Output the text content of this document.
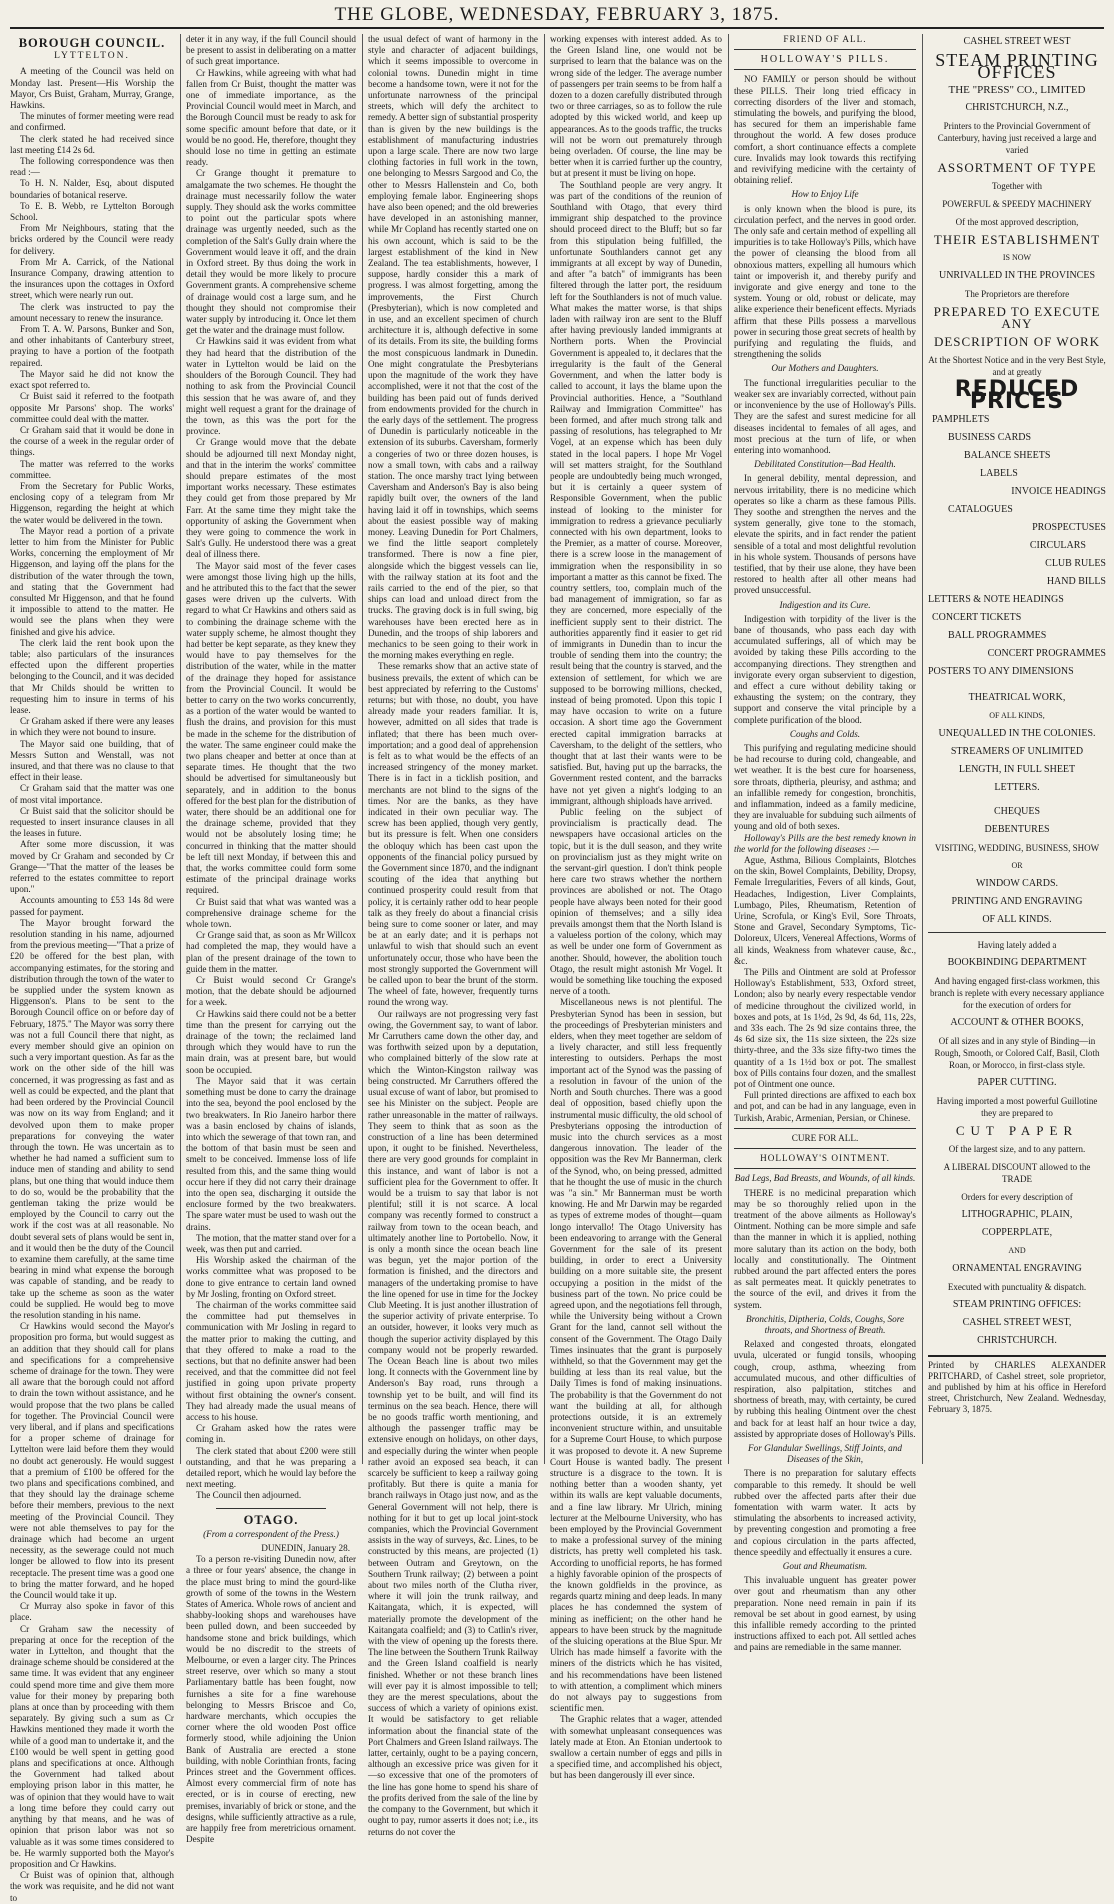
THE GLOBE, WEDNESDAY, FEBRUARY 3, 1875.
BOROUGH COUNCIL.
LYTTELTON.

A meeting of the Council was held on Monday last. Present—His Worship the Mayor, Crs Buist, Graham, Murray, Grange, Hawkins.

The minutes of former meeting were read and confirmed.

The clerk stated he had received since last meeting £14 2s 6d.

The following correspondence was then read :—

To H. N. Nalder, Esq, about disputed boundaries of botanical reserve.

To E. B. Webb, re Lyttelton Borough School.

From Mr Neighbours, stating that the bricks ordered by the Council were ready for delivery.

From Mr A. Carrick, of the National Insurance Company, drawing attention to the insurances upon the cottages in Oxford street, which were nearly run out.

The clerk was instructed to pay the amount necessary to renew the insurance.

From T. A. W. Parsons, Bunker and Son, and other inhabitants of Canterbury street, praying to have a portion of the footpath repaired.

The Mayor said he did not know the exact spot referred to.

Cr Buist said it referred to the footpath opposite Mr Parsons' shop. The works' committee could deal with the matter.

Cr Graham said that it would be done in the course of a week in the regular order of things.

The matter was referred to the works committee.

From the Secretary for Public Works, enclosing copy of a telegram from Mr Higgenson, regarding the height at which the water would be delivered in the town.

The Mayor read a portion of a private letter to him from the Minister for Public Works, concerning the employment of Mr Higgenson, and laying off the plans for the distribution of the water through the town, and stating that the Government had consulted Mr Higgenson, and that he found it impossible to attend to the matter. He would see the plans when they were finished and give his advice.

The clerk laid the rent book upon the table; also particulars of the insurances effected upon the different properties belonging to the Council, and it was decided that Mr Childs should be written to requesting him to insure in terms of his lease.

Cr Graham asked if there were any leases in which they were not bound to insure.

The Mayor said one building, that of Messrs Sutton and Wenstall, was not insured, and that there was no clause to that effect in their lease.

Cr Graham said that the matter was one of most vital importance.

Cr Buist said that the solicitor should be requested to insert insurance clauses in all the leases in future.

After some more discussion, it was moved by Cr Graham and seconded by Cr Grange—"That the matter of the leases be referred to the estates committee to report upon."

Accounts amounting to £53 14s 8d were passed for payment.

The Mayor brought forward the resolution standing in his name, adjourned from the previous meeting—"That a prize of £20 be offered for the best plan, with accompanying estimates, for the storing and distribution through the town of the water to be supplied under the system known as Higgenson's. Plans to be sent to the Borough Council office on or before day of February, 1875." The Mayor was sorry there was not a full Council there that night, as every member should give an opinion on such a very important question. As far as the work on the other side of the hill was concerned, it was progressing as fast and as well as could be expected, and the plant that had been ordered by the Provincial Council was now on its way from England; and it devolved upon them to make proper preparations for conveying the water through the town. He was uncertain as to whether he had named a sufficient sum to induce men of standing and ability to send plans, but one thing that would induce them to do so, would be the probability that the gentleman taking the prize would be employed by the Council to carry out the work if the cost was at all reasonable. No doubt several sets of plans would be sent in, and it would then be the duty of the Council to examine them carefully, at the same time bearing in mind what expense the borough was capable of standing, and be ready to take up the scheme as soon as the water could be supplied. He would beg to move the resolution standing in his name.

Cr Hawkins would second the Mayor's proposition pro forma, but would suggest as an addition that they should call for plans and specifications for a comprehensive scheme of drainage for the town. They were all aware that the borough could not afford to drain the town without assistance, and he would propose that the two plans be called for together. The Provincial Council were very liberal, and if plans and specifications for a proper scheme of drainage for Lyttelton were laid before them they would no doubt act generously. He would suggest that a premium of £100 be offered for the two plans and specifications combined, and that they should lay the drainage scheme before their members, previous to the next meeting of the Provincial Council. They were not able themselves to pay for the drainage which had become an urgent necessity, as the sewerage could not much longer be allowed to flow into its present receptacle. The present time was a good one to bring the matter forward, and he hoped the Council would take it up.

Cr Murray also spoke in favor of this place.

Cr Graham saw the necessity of preparing at once for the reception of the water in Lyttelton, and thought that the drainage scheme should be considered at the same time. It was evident that any engineer could spend more time and give them more value for their money by preparing both plans at once than by proceeding with them separately. By giving such a sum as Cr Hawkins mentioned they made it worth the while of a good man to undertake it, and the £100 would be well spent in getting good plans and specifications at once. Although the Government had talked about employing prison labor in this matter, he was of opinion that they would have to wait a long time before they could carry out anything by that means, and he was of opinion that prison labor was not so valuable as it was some times considered to be. He warmly supported both the Mayor's proposition and Cr Hawkins.

Cr Buist was of opinion that, although the work was requisite, and he did not want to

deter it in any way, if the full Council should be present to assist in deliberating on a matter of such great importance.

Cr Hawkins, while agreeing with what had fallen from Cr Buist, thought the matter was one of immediate importance, as the Provincial Council would meet in March, and the Borough Council must be ready to ask for some specific amount before that date, or it would be no good. He, therefore, thought they should lose no time in getting an estimate ready.

Cr Grange thought it premature to amalgamate the two schemes. He thought the drainage must necessarily follow the water supply. They should ask the works committee to point out the particular spots where drainage was urgently needed, such as the completion of the Salt's Gully drain where the Government would leave it off, and the drain in Oxford street. By thus doing the work in detail they would be more likely to procure Government grants. A comprehensive scheme of drainage would cost a large sum, and he thought they should not compromise their water supply by introducing it. Once let them get the water and the drainage must follow.

Cr Hawkins said it was evident from what they had heard that the distribution of the water in Lyttelton would be laid on the shoulders of the Borough Council. They had nothing to ask from the Provincial Council this session that he was aware of, and they might well request a grant for the drainage of the town, as this was the port for the province.

Cr Grange would move that the debate should be adjourned till next Monday night, and that in the interim the works' committee should prepare estimates of the most important works necessary. These estimates they could get from those prepared by Mr Farr. At the same time they might take the opportunity of asking the Government when they were going to commence the work in Salt's Gully. He understood there was a great deal of illness there.

The Mayor said most of the fever cases were amongst those living high up the hills, and he attributed this to the fact that the sewer gases were driven up the culverts. With regard to what Cr Hawkins and others said as to combining the drainage scheme with the water supply scheme, he almost thought they had better be kept separate, as they knew they would have to pay themselves for the distribution of the water, while in the matter of the drainage they hoped for assistance from the Provincial Council. It would be better to carry on the two works concurrently, as a portion of the water would be wanted to flush the drains, and provision for this must be made in the scheme for the distribution of the water. The same engineer could make the two plans cheaper and better at once than at separate times. He thought that the two should be advertised for simultaneously but separately, and in addition to the bonus offered for the best plan for the distribution of water, there should be an additional one for the drainage scheme, provided that they would not be absolutely losing time; he concurred in thinking that the matter should be left till next Monday, if between this and that, the works committee could form some estimate of the principal drainage works required.

Cr Buist said that what was wanted was a comprehensive drainage scheme for the whole town.

Cr Grange said that, as soon as Mr Willcox had completed the map, they would have a plan of the present drainage of the town to guide them in the matter.

Cr Buist would second Cr Grange's motion, that the debate should be adjourned for a week.

Cr Hawkins said there could not be a better time than the present for carrying out the drainage of the town; the reclaimed land through which they would have to run the main drain, was at present bare, but would soon be occupied.

The Mayor said that it was certain something must be done to carry the drainage into the sea, beyond the pool enclosed by the two breakwaters. In Rio Janeiro harbor there was a basin enclosed by chains of islands, into which the sewerage of that town ran, and the bottom of that basin must be seen and smelt to be conceived. Immense loss of life resulted from this, and the same thing would occur here if they did not carry their drainage into the open sea, discharging it outside the enclosure formed by the two breakwaters. The spare water must be used to wash out the drains.

The motion, that the matter stand over for a week, was then put and carried.

His Worship asked the chairman of the works committee what was proposed to be done to give entrance to certain land owned by Mr Josling, fronting on Oxford street.

The chairman of the works committee said the committee had put themselves in communication with Mr Josling in regard to the matter prior to making the cutting, and that they offered to make a road to the sections, but that no definite answer had been received, and that the committee did not feel justified in going upon private property without first obtaining the owner's consent. They had already made the usual means of access to his house.

Cr Graham asked how the rates were coming in.

The clerk stated that about £200 were still outstanding, and that he was preparing a detailed report, which he would lay before the next meeting.

The Council then adjourned.

OTAGO.
(From a correspondent of the Press.)
DUNEDIN, January 28.

To a person re-visiting Dunedin now, after a three or four years' absence, the change in the place must bring to mind the gourd-like growth of some of the towns in the Western States of America. Whole rows of ancient and shabby-looking shops and warehouses have been pulled down, and been succeeded by handsome stone and brick buildings, which would be no discredit to the streets of Melbourne, or even a larger city. The Princes street reserve, over which so many a stout Parliamentary battle has been fought, now furnishes a site for a fine warehouse belonging to Messrs Briscoe and Co, hardware merchants, which occupies the corner where the old wooden Post office formerly stood, while adjoining the Union Bank of Australia are erected a stone building, with noble Corinthian fronts, facing Princes street and the Government offices. Almost every commercial firm of note has erected, or is in course of erecting, new premises, invariably of brick or stone, and the designs, while sufficiently attractive as a rule, are happily free from meretricious ornament. Despite

the usual defect of want of harmony in the style and character of adjacent buildings, which it seems impossible to overcome in colonial towns. Dunedin might in time become a handsome town, were it not for the unfortunate narrowness of the principal streets, which will defy the architect to remedy. A better sign of substantial prosperity than is given by the new buildings is the establishment of manufacturing industries upon a large scale. There are now two large clothing factories in full work in the town, one belonging to Messrs Sargood and Co, the other to Messrs Hallenstein and Co, both employing female labor. Engineering shops have also been opened; and the old breweries have developed in an astonishing manner, while Mr Copland has recently started one on his own account, which is said to be the largest establishment of the kind in New Zealand. The tea establishments, however, I suppose, hardly consider this a mark of progress. I was almost forgetting, among the improvements, the First Church (Presbyterian), which is now completed and in use, and an excellent specimen of church architecture it is, although defective in some of its details. From its site, the building forms the most conspicuous landmark in Dunedin. One might congratulate the Presbyterians upon the magnitude of the work they have accomplished, were it not that the cost of the building has been paid out of funds derived from endowments provided for the church in the early days of the settlement. The progress of Dunedin is particularly noticeable in the extension of its suburbs. Caversham, formerly a congeries of two or three dozen houses, is now a small town, with cabs and a railway station. The once marshy tract lying between Caversham and Anderson's Bay is also being rapidly built over, the owners of the land having laid it off in townships, which seems about the easiest possible way of making money. Leaving Dunedin for Port Chalmers, we find the little seaport completely transformed. There is now a fine pier, alongside which the biggest vessels can lie, with the railway station at its foot and the rails carried to the end of the pier, so that ships can load and unload direct from the trucks. The graving dock is in full swing, big warehouses have been erected here as in Dunedin, and the troops of ship laborers and mechanics to be seen going to their work in the morning makes everything en regle.

These remarks show that an active state of business prevails, the extent of which can be best appreciated by referring to the Customs' returns; but with those, no doubt, you have already made your readers familiar. It is, however, admitted on all sides that trade is inflated; that there has been much over-importation; and a good deal of apprehension is felt as to what would be the effects of an increased stringency of the money market. There is in fact in a ticklish position, and merchants are not blind to the signs of the times. Nor are the banks, as they have indicated in their own peculiar way. The screw has been applied, though very gently, but its pressure is felt. When one considers the obloquy which has been cast upon the opponents of the financial policy pursued by the Government since 1870, and the indignant scouting of the idea that anything but continued prosperity could result from that policy, it is certainly rather odd to hear people talk as they freely do about a financial crisis being sure to come sooner or later, and may be at an early date; and it is perhaps not unlawful to wish that should such an event unfortunately occur, those who have been the most strongly supported the Government will be called upon to bear the brunt of the storm. The wheel of fate, however, frequently turns round the wrong way.

Our railways are not progressing very fast owing, the Government say, to want of labor. Mr Carruthers came down the other day, and was forthwith seized upon by a deputation, who complained bitterly of the slow rate at which the Winton-Kingston railway was being constructed. Mr Carruthers offered the usual excuse of want of labor, but promised to see his Minister on the subject. People are rather unreasonable in the matter of railways. They seem to think that as soon as the construction of a line has been determined upon, it ought to be finished. Nevertheless, there are very good grounds for complaint in this instance, and want of labor is not a sufficient plea for the Government to offer. It would be a truism to say that labor is not plentiful; still it is not scarce. A local company was recently formed to construct a railway from town to the ocean beach, and ultimately another line to Portobello. Now, it is only a month since the ocean beach line was begun, yet the major portion of the formation is finished, and the directors and managers of the undertaking promise to have the line opened for use in time for the Jockey Club Meeting. It is just another illustration of the superior activity of private enterprise. To an outsider, however, it looks very much as though the superior activity displayed by this company would not be properly rewarded. The Ocean Beach line is about two miles long. It connects with the Government line by Anderson's Bay road, runs through a township yet to be built, and will find its terminus on the sea beach. Hence, there will be no goods traffic worth mentioning, and although the passenger traffic may be extensive enough on holidays, on other days, and especially during the winter when people rather avoid an exposed sea beach, it can scarcely be sufficient to keep a railway going profitably. But there is quite a mania for branch railways in Otago just now, and as the General Government will not help, there is nothing for it but to get up local joint-stock companies, which the Provincial Government assists in the way of surveys, &c. Lines, to be constructed by this means, are projected (1) between Outram and Greytown, on the Southern Trunk railway; (2) between a point about two miles north of the Clutha river, where it will join the trunk railway, and Kaitangata, which, it is expected, will materially promote the development of the Kaitangata coalfield; and (3) to Catlin's river, with the view of opening up the forests there. The line between the Southern Trunk Railway and the Green Island coalfield is nearly finished. Whether or not these branch lines will ever pay it is almost impossible to tell; they are the merest speculations, about the success of which a variety of opinions exist. It would be satisfactory to get reliable information about the financial state of the Port Chalmers and Green Island railways. The latter, certainly, ought to be a paying concern, although an excessive price was given for it—so excessive that one of the promoters of the line has gone home to spend his share of the profits derived from the sale of the line by the company to the Government, but which it ought to pay, rumor asserts it does not; i.e., its returns do not cover the

working expenses with interest added. As to the Green Island line, one would not be surprised to learn that the balance was on the wrong side of the ledger. The average number of passengers per train seems to be from half a dozen to a dozen carefully distributed through two or three carriages, so as to follow the rule adopted by this wicked world, and keep up appearances. As to the goods traffic, the trucks will not be worn out prematurely through being overladen. Of course, the line may be better when it is carried further up the country, but at present it must be living on hope.

The Southland people are very angry. It was part of the conditions of the reunion of Southland with Otago, that every third immigrant ship despatched to the province should proceed direct to the Bluff; but so far from this stipulation being fulfilled, the unfortunate Southlanders cannot get any immigrants at all except by way of Dunedin, and after "a batch" of immigrants has been filtered through the latter port, the residuum left for the Southlanders is not of much value. What makes the matter worse, is that ships laden with railway iron are sent to the Bluff after having previously landed immigrants at Northern ports. When the Provincial Government is appealed to, it declares that the irregularity is the fault of the General Government, and when the latter body is called to account, it lays the blame upon the Provincial authorities. Hence, a "Southland Railway and Immigration Committee" has been formed, and after much strong talk and passing of resolutions, has telegraphed to Mr Vogel, at an expense which has been duly stated in the local papers. I hope Mr Vogel will set matters straight, for the Southland people are undoubtedly being much wronged, but it is certainly a queer system of Responsible Government, when the public instead of looking to the minister for immigration to redress a grievance peculiarly connected with his own department, looks to the Premier, as a matter of course. Moreover, there is a screw loose in the management of immigration when the responsibility in so important a matter as this cannot be fixed. The country settlers, too, complain much of the bad management of immigration, so far as they are concerned, more especially of the inefficient supply sent to their district. The authorities apparently find it easier to get rid of immigrants in Dunedin than to incur the trouble of sending them into the country; the result being that the country is starved, and the extension of settlement, for which we are supposed to be borrowing millions, checked, instead of being promoted. Upon this topic I may have occasion to write on a future occasion. A short time ago the Government erected capital immigration barracks at Caversham, to the delight of the settlers, who thought that at last their wants were to be satisfied. But, having put up the barracks, the Government rested content, and the barracks have not yet given a night's lodging to an immigrant, although shiploads have arrived.

Public feeling on the subject of provincialism is practically dead. The newspapers have occasional articles on the topic, but it is the dull season, and they write on provincialism just as they might write on the servant-girl question. I don't think people here care two straws whether the northern provinces are abolished or not. The Otago people have always been noted for their good opinion of themselves; and a silly idea prevails amongst them that the North Island is a valueless portion of the colony, which may as well be under one form of Government as another. Should, however, the abolition touch Otago, the result might astonish Mr Vogel. It would be something like touching the exposed nerve of a tooth.

Miscellaneous news is not plentiful. The Presbyterian Synod has been in session, but the proceedings of Presbyterian ministers and elders, when they meet together are seldom of a lively character, and still less frequently interesting to outsiders. Perhaps the most important act of the Synod was the passing of a resolution in favour of the union of the North and South churches. There was a good deal of opposition, based chiefly upon the instrumental music difficulty, the old school of Presbyterians opposing the introduction of music into the church services as a most dangerous innovation. The leader of the opposition was the Rev Mr Bannerman, clerk of the Synod, who, on being pressed, admitted that he thought the use of music in the church was "a sin." Mr Bannerman must be worth knowing. He and Mr Darwin may be regarded as types of extreme modes of thought—quam longo intervallo! The Otago University has been endeavoring to arrange with the General Government for the sale of its present building, in order to erect a University building on a more suitable site, the present occupying a position in the midst of the business part of the town. No price could be agreed upon, and the negotiations fell through, while the University being without a Crown Grant for the land, cannot sell without the consent of the Government. The Otago Daily Times insinuates that the grant is purposely withheld, so that the Government may get the building at less than its real value, but the Daily Times is fond of making insinuations. The probability is that the Government do not want the building at all, for although protections outside, it is an extremely inconvenient structure within, and unsuitable for a Supreme Court House, to which purpose it was proposed to devote it. A new Supreme Court House is wanted badly. The present structure is a disgrace to the town. It is nothing better than a wooden shanty, yet within its walls are kept valuable documents, and a fine law library. Mr Ulrich, mining lecturer at the Melbourne University, who has been employed by the Provincial Government to make a professional survey of the mining districts, has pretty well completed his task. According to unofficial reports, he has formed a highly favorable opinion of the prospects of the known goldfields in the province, as regards quartz mining and deep leads. In many places he has condemned the system of mining as inefficient; on the other hand he appears to have been struck by the magnitude of the sluicing operations at the Blue Spur. Mr Ulrich has made himself a favorite with the miners of the districts which he has visited, and his recommendations have been listened to with attention, a compliment which miners do not always pay to suggestions from scientific men.

The Graphic relates that a wager, attended with somewhat unpleasant consequences was lately made at Eton. An Etonian undertook to swallow a certain number of eggs and pills in a specified time, and accomplished his object, but has been dangerously ill ever since.

FRIEND OF ALL.
HOLLOWAY'S PILLS.

NO FAMILY or person should be without these PILLS. Their long tried efficacy in correcting disorders of the liver and stomach, stimulating the bowels, and purifying the blood, has secured for them an imperishable fame throughout the world. A few doses produce comfort, a short continuance effects a complete cure. Invalids may look towards this rectifying and revivifying medicine with the certainty of obtaining relief.

How to Enjoy Life

is only known when the blood is pure, its circulation perfect, and the nerves in good order. The only safe and certain method of expelling all impurities is to take Holloway's Pills, which have the power of cleansing the blood from all obnoxious matters, expelling all humours which taint or impoverish it, and thereby purify and invigorate and give energy and tone to the system. Young or old, robust or delicate, may alike experience their beneficent effects. Myriads affirm that these Pills possess a marvellous power in securing those great secrets of health by purifying and regulating the fluids, and strengthening the solids

Our Mothers and Daughters.

The functional irregularities peculiar to the weaker sex are invariably corrected, without pain or inconvenience by the use of Holloway's Pills. They are the safest and surest medicine for all diseases incidental to females of all ages, and most precious at the turn of life, or when entering into womanhood.

Debilitated Constitution—Bad Health.

In general debility, mental depression, and nervous irritability, there is no medicine which operates so like a charm as these famous Pills. They soothe and strengthen the nerves and the system generally, give tone to the stomach, elevate the spirits, and in fact render the patient sensible of a total and most delightful revolution in his whole system. Thousands of persons have testified, that by their use alone, they have been restored to health after all other means had proved unsuccessful.

Indigestion and its Cure.

Indigestion with torpidity of the liver is the bane of thousands, who pass each day with accumulated sufferings, all of which may be avoided by taking these Pills according to the accompanying directions. They strengthen and invigorate every organ subservient to digestion, and effect a cure without debility taking or exhausting the system; on the contrary, they support and conserve the vital principle by a complete purification of the blood.

Coughs and Colds.

This purifying and regulating medicine should be had recourse to during cold, changeable, and wet weather. It is the best cure for hoarseness, sore throats, diptheria, pleurisy, and asthma; and an infallible remedy for congestion, bronchitis, and inflammation, indeed as a family medicine, they are invaluable for subduing such ailments of young and old of both sexes.

Holloway's Pills are the best remedy known in the world for the following diseases :—

Ague, Asthma, Bilious Complaints, Blotches on the skin, Bowel Complaints, Debility, Dropsy, Female Irregularities, Fevers of all kinds, Gout, Headaches, Indigestion, Liver Complaints, Lumbago, Piles, Rheumatism, Retention of Urine, Scrofula, or King's Evil, Sore Throats, Stone and Gravel, Secondary Symptoms, Tic-Doloreux, Ulcers, Venereal Affections, Worms of all kinds, Weakness from whatever cause, &c., &c.

The Pills and Ointment are sold at Professor Holloway's Establishment, 533, Oxford street, London; also by nearly every respectable vendor of medicine throughout the civilized world, in boxes and pots, at 1s 1½d, 2s 9d, 4s 6d, 11s, 22s, and 33s each. The 2s 9d size contains three, the 4s 6d size six, the 11s size sixteen, the 22s size thirty-three, and the 33s size fifty-two times the quantity of a 1s 1½d box or pot. The smallest box of Pills contains four dozen, and the smallest pot of Ointment one ounce.

Full printed directions are affixed to each box and pot, and can be had in any language, even in Turkish, Arabic, Armenian, Persian, or Chinese.

CURE FOR ALL.
HOLLOWAY'S OINTMENT.
Bad Legs, Bad Breasts, and Wounds, of all kinds.

THERE is no medicinal preparation which may be so thoroughly relied upon in the treatment of the above ailments as Holloway's Ointment. Nothing can be more simple and safe than the manner in which it is applied, nothing more salutary than its action on the body, both locally and constitutionally. The Ointment rubbed around the part affected enters the pores as salt permeates meat. It quickly penetrates to the source of the evil, and drives it from the system.

Bronchitis, Diptheria, Colds, Coughs, Sore throats, and Shortness of Breath.

Relaxed and congested throats, elongated uvula, ulcerated or fungid tonsils, whooping cough, croup, asthma, wheezing from accumulated mucous, and other difficulties of respiration, also palpitation, stitches and shortness of breath, may, with certainty, be cured by rubbing this healing Ointment over the chest and back for at least half an hour twice a day, assisted by appropriate doses of Holloway's Pills.

For Glandular Swellings, Stiff Joints, and Diseases of the Skin,

There is no preparation for salutary effects comparable to this remedy. It should be well rubbed over the affected parts after their due fomentation with warm water. It acts by stimulating the absorbents to increased activity, by preventing congestion and promoting a free and copious circulation in the parts affected, thence speedily and effectually it ensures a cure.

Gout and Rheumatism.

This invaluable unguent has greater power over gout and rheumatism than any other preparation. None need remain in pain if its removal be set about in good earnest, by using this infallible remedy according to the printed instructions affixed to each pot. All settled aches and pains are remediable in the same manner.

CASHEL STREET WEST
STEAM PRINTING OFFICES
THE "PRESS" CO., LIMITED
CHRISTCHURCH, N.Z.,
Printers to the Provincial Government of Canterbury, having just received a large and varied
ASSORTMENT OF TYPE
Together with
POWERFUL & SPEEDY MACHINERY
Of the most approved description,
THEIR ESTABLISHMENT
IS NOW
UNRIVALLED IN THE PROVINCES
The Proprietors are therefore
PREPARED TO EXECUTE ANY
DESCRIPTION OF WORK
At the Shortest Notice and in the very Best Style, and at greatly
REDUCED PRICES
PAMPHLETS
BUSINESS CARDS
BALANCE SHEETS
LABELS
INVOICE HEADINGS
CATALOGUES
PROSPECTUSES
CIRCULARS
CLUB RULES
HAND BILLS
LETTERS & NOTE HEADINGS
CONCERT TICKETS
BALL PROGRAMMES
CONCERT PROGRAMMES
POSTERS TO ANY DIMENSIONS
THEATRICAL WORK,
OF ALL KINDS,
UNEQUALLED IN THE COLONIES.
STREAMERS OF UNLIMITED
LENGTH, IN FULL SHEET
LETTERS.
CHEQUES
DEBENTURES
VISITING, WEDDING, BUSINESS, SHOW
OR
WINDOW CARDS.
PRINTING AND ENGRAVING
OF ALL KINDS.
Having lately added a
BOOKBINDING DEPARTMENT
And having engaged first-class workmen, this branch is replete with every necessary appliance for the execution of orders for
ACCOUNT & OTHER BOOKS,
Of all sizes and in any style of Binding—in Rough, Smooth, or Colored Calf, Basil, Cloth Roan, or Morocco, in first-class style.
PAPER CUTTING.
Having imported a most powerful Guillotine they are prepared to
CUT PAPER
Of the largest size, and to any pattern.
A LIBERAL DISCOUNT allowed to the TRADE
Orders for every description of
LITHOGRAPHIC, PLAIN,
COPPERPLATE,
AND
ORNAMENTAL ENGRAVING
Executed with punctuality & dispatch.
STEAM PRINTING OFFICES:
CASHEL STREET WEST,
CHRISTCHURCH.
Printed by CHARLES ALEXANDER PRITCHARD, of Cashel street, sole proprietor, and published by him at his office in Hereford street, Christchurch, New Zealand. Wednesday, February 3, 1875.
